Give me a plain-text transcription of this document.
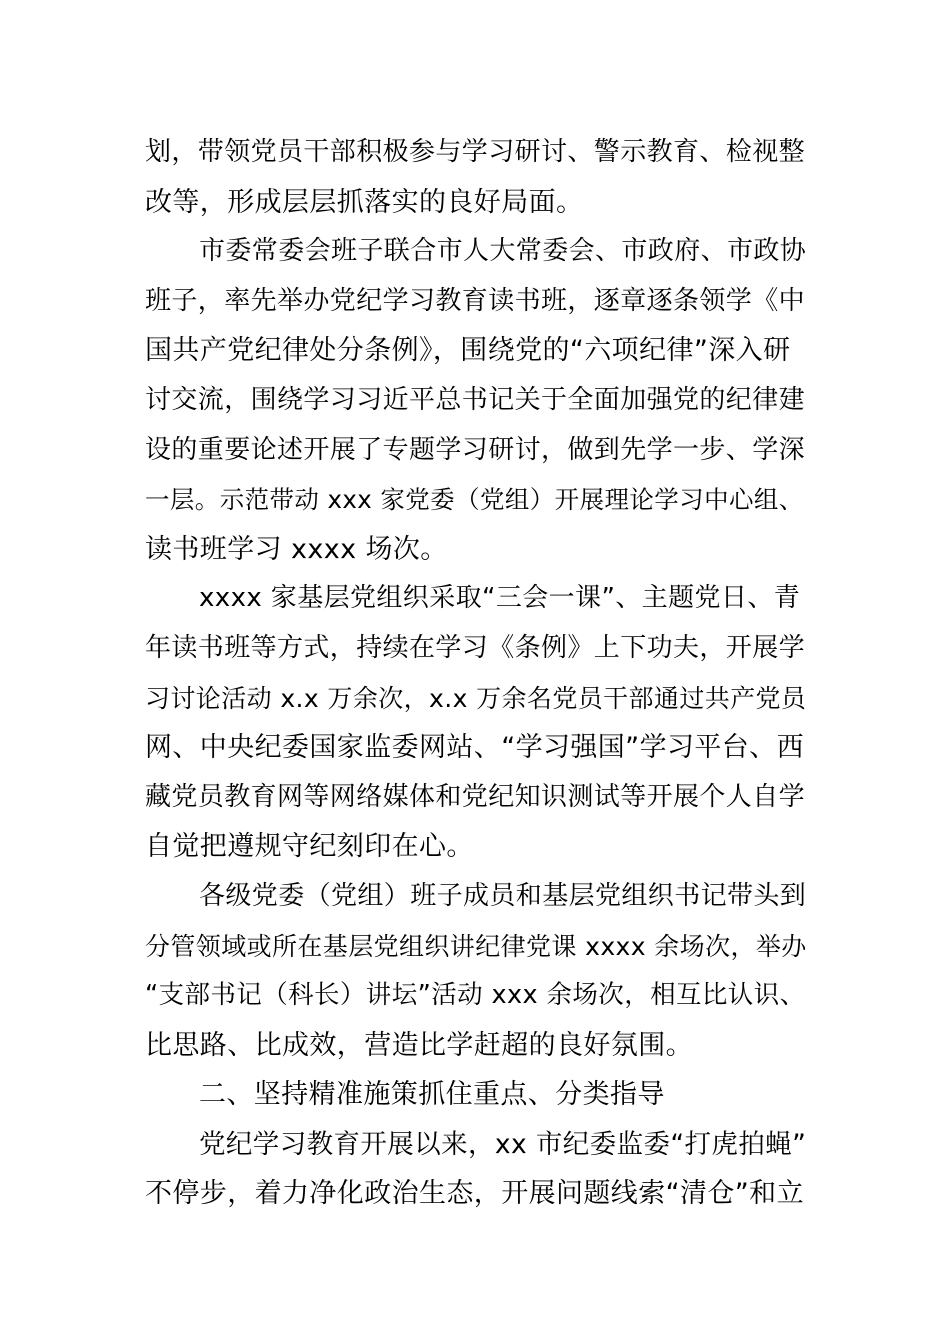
划，带领党员干部积极参与学习研讨、警示教育、检视整
改等，形成层层抓落实的良好局面。
市委常委会班子联合市人大常委会、市政府、市政协
班子，率先举办党纪学习教育读书班，逐章逐条领学《中
国共产党纪律处分条例》，围绕党的“六项纪律”深入研
讨交流，围绕学习习近平总书记关于全面加强党的纪律建
设的重要论述开展了专题学习研讨，做到先学一步、学深
一层。示范带动 xxx 家党委（党组）开展理论学习中心组、
读书班学习 xxxx 场次。
xxxx 家基层党组织采取“三会一课”、主题党日、青
年读书班等方式，持续在学习《条例》上下功夫，开展学
习讨论活动 x.x 万余次，x.x 万余名党员干部通过共产党员
网、中央纪委国家监委网站、“学习强国”学习平台、西
藏党员教育网等网络媒体和党纪知识测试等开展个人自学
自觉把遵规守纪刻印在心。
各级党委（党组）班子成员和基层党组织书记带头到
分管领域或所在基层党组织讲纪律党课 xxxx 余场次，举办
“支部书记（科长）讲坛”活动 xxx 余场次，相互比认识、
比思路、比成效，营造比学赶超的良好氛围。
二、坚持精准施策抓住重点、分类指导
党纪学习教育开展以来，xx 市纪委监委“打虎拍蝇”
不停步，着力净化政治生态，开展问题线索“清仓”和立
